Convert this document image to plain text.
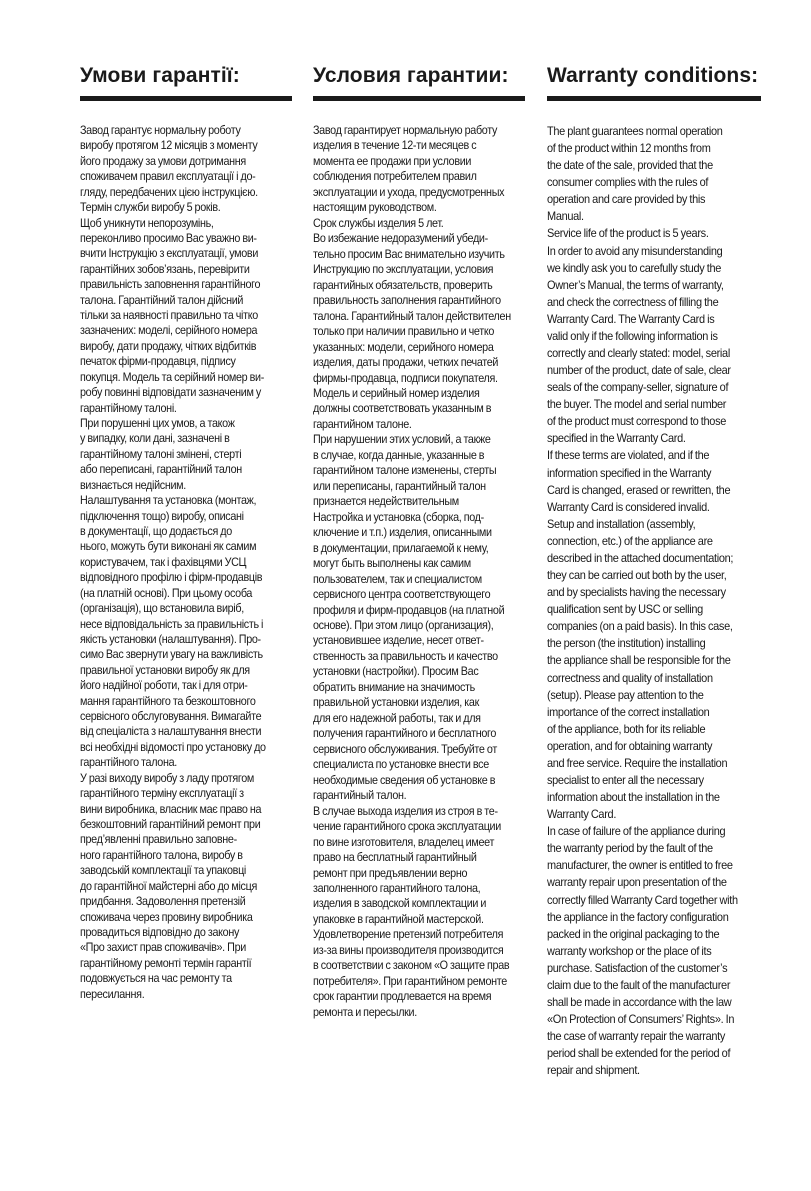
Умови гарантії:
Завод гарантує нормальну роботу
виробу протягом 12 місяців з моменту
його продажу за умови дотримання
споживачем правил експлуатації і до-
гляду, передбачених цією інструкцією.
Термін служби виробу 5 років.
Щоб уникнути непорозумінь,
переконливо просимо Вас уважно ви-
вчити Інструкцію з експлуатації, умови
гарантійних зобов’язань, перевірити
правильність заповнення гарантійного
талона. Гарантійний талон дійсний
тільки за наявності правильно та чітко
зазначених: моделі, серійного номера
виробу, дати продажу, чітких відбитків
печаток фірми-продавця, підпису
покупця. Модель та серійний номер ви-
робу повинні відповідати зазначеним у
гарантійному талоні.
При порушенні цих умов, а також
у випадку, коли дані, зазначені в
гарантійному талоні змінені, стерті
або переписані, гарантійний талон
визнається недійсним.
Налаштування та установка (монтаж,
підключення тощо) виробу, описані
в документації, що додається до
нього, можуть бути виконані як самим
користувачем, так і фахівцями УСЦ
відповідного профілю і фірм-продавців
(на платній основі). При цьому особа
(організація), що встановила виріб,
несе відповідальність за правильність і
якість установки (налаштування). Про-
симо Вас звернути увагу на важливість
правильної установки виробу як для
його надійної роботи, так і для отри-
мання гарантійного та безкоштовного
сервісного обслуговування. Вимагайте
від спеціаліста з налаштування внести
всі необхідні відомості про установку до
гарантійного талона.
У разі виходу виробу з ладу протягом
гарантійного терміну експлуатації з
вини виробника, власник має право на
безкоштовний гарантійний ремонт при
пред’явленні правильно заповне-
ного гарантійного талона, виробу в
заводській комплектації та упаковці
до гарантійної майстерні або до місця
придбання. Задоволення претензій
споживача через провину виробника
провадиться відповідно до закону
«Про захист прав споживачів». При
гарантійному ремонті термін гарантії
подовжується на час ремонту та
пересилання.
Условия гарантии:
Завод гарантирует нормальную работу
изделия в течение 12-ти месяцев с
момента ее продажи при условии
соблюдения потребителем правил
эксплуатации и ухода, предусмотренных
настоящим руководством.
Срок службы изделия 5 лет.
Во избежание недоразумений убеди-
тельно просим Вас внимательно изучить
Инструкцию по эксплуатации, условия
гарантийных обязательств, проверить
правильность заполнения гарантийного
талона. Гарантийный талон действителен
только при наличии правильно и четко
указанных: модели, серийного номера
изделия, даты продажи, четких печатей
фирмы-продавца, подписи покупателя.
Модель и серийный номер изделия
должны соответствовать указанным в
гарантийном талоне.
При нарушении этих условий, а также
в случае, когда данные, указанные в
гарантийном талоне изменены, стерты
или переписаны, гарантийный талон
признается недействительным
Настройка и установка (сборка, под-
ключение и т.п.) изделия, описанными
в документации, прилагаемой к нему,
могут быть выполнены как самим
пользователем, так и специалистом
сервисного центра соответствующего
профиля и фирм-продавцов (на платной
основе). При этом лицо (организация),
установившее изделие, несет ответ-
ственность за правильность и качество
установки (настройки). Просим Вас
обратить внимание на значимость
правильной установки изделия, как
для его надежной работы, так и для
получения гарантийного и бесплатного
сервисного обслуживания. Требуйте от
специалиста по установке внести все
необходимые сведения об установке в
гарантийный талон.
В случае выхода изделия из строя в те-
чение гарантийного срока эксплуатации
по вине изготовителя, владелец имеет
право на бесплатный гарантийный
ремонт при предъявлении верно
заполненного гарантийного талона,
изделия в заводской комплектации и
упаковке в гарантийной мастерской.
Удовлетворение претензий потребителя
из-за вины производителя производится
в соответствии с законом «О защите прав
потребителя». При гарантийном ремонте
срок гарантии продлевается на время
ремонта и пересылки.
Warranty conditions:
The plant guarantees normal operation
of the product within 12 months from
the date of the sale, provided that the
consumer complies with the rules of
operation and care provided by this
Manual.
Service life of the product is 5 years.
In order to avoid any misunderstanding
we kindly ask you to carefully study the
Owner’s Manual, the terms of warranty,
and check the correctness of filling the
Warranty Card. The Warranty Card is
valid only if the following information is
correctly and clearly stated: model, serial
number of the product, date of sale, clear
seals of the company-seller, signature of
the buyer. The model and serial number
of the product must correspond to those
specified in the Warranty Card.
If these terms are violated, and if the
information specified in the Warranty
Card is changed, erased or rewritten, the
Warranty Card is considered invalid.
Setup and installation (assembly,
connection, etc.) of the appliance are
described in the attached documentation;
they can be carried out both by the user,
and by specialists having the necessary
qualification sent by USC or selling
companies (on a paid basis). In this case,
the person (the institution) installing
the appliance shall be responsible for the
correctness and quality of installation
(setup). Please pay attention to the
importance of the correct installation
of the appliance, both for its reliable
operation, and for obtaining warranty
and free service. Require the installation
specialist to enter all the necessary
information about the installation in the
Warranty Card.
In case of failure of the appliance during
the warranty period by the fault of the
manufacturer, the owner is entitled to free
warranty repair upon presentation of the
correctly filled Warranty Card together with
the appliance in the factory configuration
packed in the original packaging to the
warranty workshop or the place of its
purchase. Satisfaction of the customer’s
claim due to the fault of the manufacturer
shall be made in accordance with the law
«On Protection of Consumers’ Rights». In
the case of warranty repair the warranty
period shall be extended for the period of
repair and shipment.
